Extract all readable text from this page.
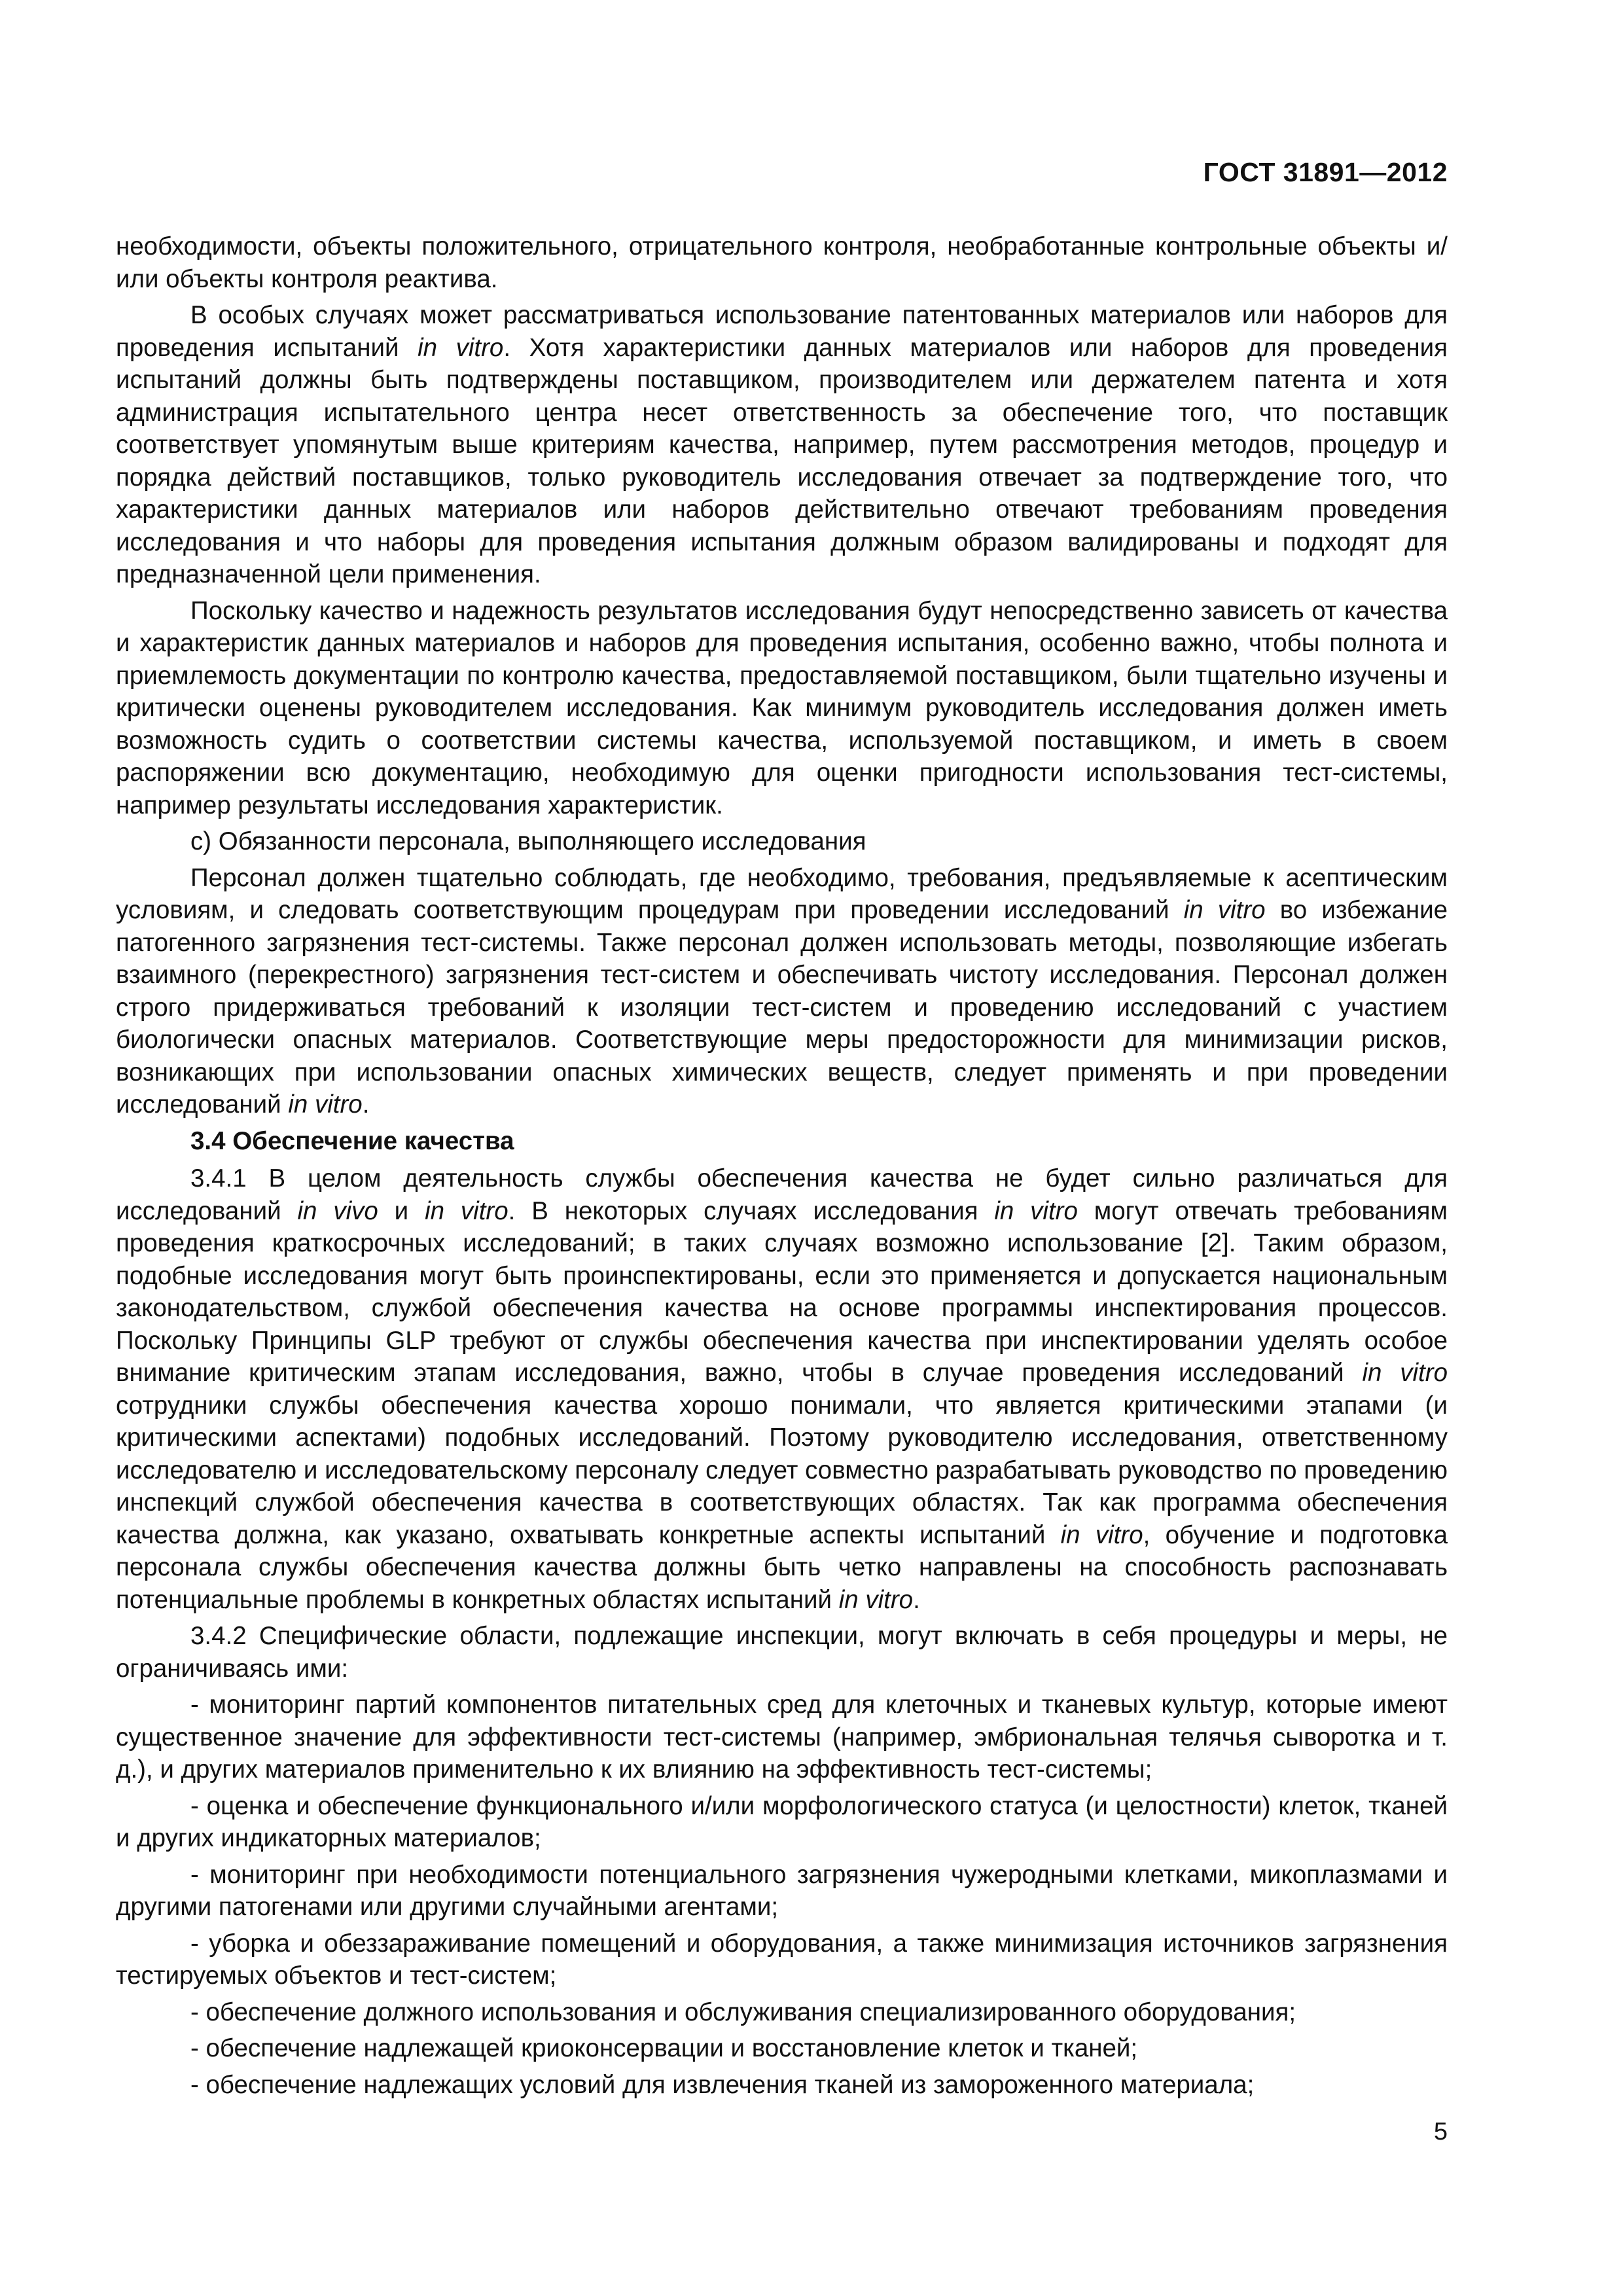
ГОСТ 31891—2012

необходимости, объекты положительного, отрицательного контроля, необработанные контрольные объекты и/или объекты контроля реактива.

В особых случаях может рассматриваться использование патентованных материалов или наборов для проведения испытаний in vitro. Хотя характеристики данных материалов или наборов для проведения испытаний должны быть подтверждены поставщиком, производителем или держателем патента и хотя администрация испытательного центра несет ответственность за обеспечение того, что поставщик соответствует упомянутым выше критериям качества, например, путем рассмотрения методов, процедур и порядка действий поставщиков, только руководитель исследования отвечает за подтверждение того, что характеристики данных материалов или наборов действительно отвечают требованиям проведения исследования и что наборы для проведения испытания должным образом валидированы и подходят для предназначенной цели применения.

Поскольку качество и надежность результатов исследования будут непосредственно зависеть от качества и характеристик данных материалов и наборов для проведения испытания, особенно важно, чтобы полнота и приемлемость документации по контролю качества, предоставляемой поставщиком, были тщательно изучены и критически оценены руководителем исследования. Как минимум руководитель исследования должен иметь возможность судить о соответствии системы качества, используемой поставщиком, и иметь в своем распоряжении всю документацию, необходимую для оценки пригодности использования тест-системы, например результаты исследования характеристик.

c) Обязанности персонала, выполняющего исследования

Персонал должен тщательно соблюдать, где необходимо, требования, предъявляемые к асептическим условиям, и следовать соответствующим процедурам при проведении исследований in vitro во избежание патогенного загрязнения тест-системы. Также персонал должен использовать методы, позволяющие избегать взаимного (перекрестного) загрязнения тест-систем и обеспечивать чистоту исследования. Персонал должен строго придерживаться требований к изоляции тест-систем и проведению исследований с участием биологически опасных материалов. Соответствующие меры предосторожности для минимизации рисков, возникающих при использовании опасных химических веществ, следует применять и при проведении исследований in vitro.

3.4 Обеспечение качества

3.4.1 В целом деятельность службы обеспечения качества не будет сильно различаться для исследований in vivo и in vitro. В некоторых случаях исследования in vitro могут отвечать требованиям проведения краткосрочных исследований; в таких случаях возможно использование [2]. Таким образом, подобные исследования могут быть проинспектированы, если это применяется и допускается национальным законодательством, службой обеспечения качества на основе программы инспектирования процессов. Поскольку Принципы GLP требуют от службы обеспечения качества при инспектировании уделять особое внимание критическим этапам исследования, важно, чтобы в случае проведения исследований in vitro сотрудники службы обеспечения качества хорошо понимали, что является критическими этапами (и критическими аспектами) подобных исследований. Поэтому руководителю исследования, ответственному исследователю и исследовательскому персоналу следует совместно разрабатывать руководство по проведению инспекций службой обеспечения качества в соответствующих областях. Так как программа обеспечения качества должна, как указано, охватывать конкретные аспекты испытаний in vitro, обучение и подготовка персонала службы обеспечения качества должны быть четко направлены на способность распознавать потенциальные проблемы в конкретных областях испытаний in vitro.

3.4.2 Специфические области, подлежащие инспекции, могут включать в себя процедуры и меры, не ограничиваясь ими:

- мониторинг партий компонентов питательных сред для клеточных и тканевых культур, которые имеют существенное значение для эффективности тест-системы (например, эмбриональная телячья сыворотка и т. д.), и других материалов применительно к их влиянию на эффективность тест-системы;

- оценка и обеспечение функционального и/или морфологического статуса (и целостности) клеток, тканей и других индикаторных материалов;

- мониторинг при необходимости потенциального загрязнения чужеродными клетками, микоплазмами и другими патогенами или другими случайными агентами;

- уборка и обеззараживание помещений и оборудования, а также минимизация источников загрязнения тестируемых объектов и тест-систем;

- обеспечение должного использования и обслуживания специализированного оборудования;

- обеспечение надлежащей криоконсервации и восстановление клеток и тканей;

- обеспечение надлежащих условий для извлечения тканей из замороженного материала;

5
